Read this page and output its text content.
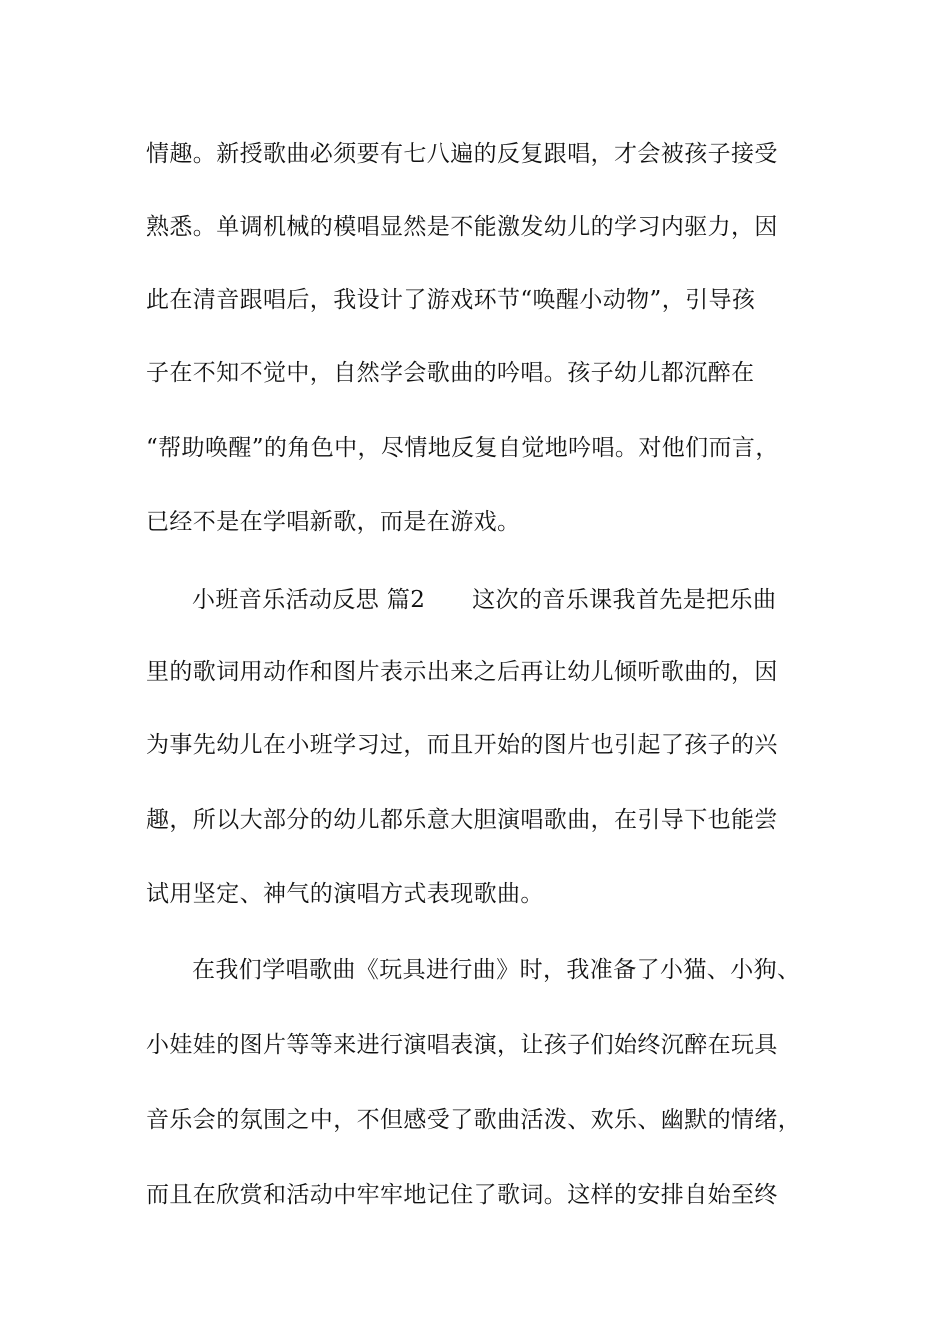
情趣。新授歌曲必须要有七八遍的反复跟唱，才会被孩子接受
熟悉。单调机械的模唱显然是不能激发幼儿的学习内驱力，因
此在清音跟唱后，我设计了游戏环节“唤醒小动物”，引导孩
子在不知不觉中，自然学会歌曲的吟唱。孩子幼儿都沉醉在
“帮助唤醒”的角色中，尽情地反复自觉地吟唱。对他们而言，
已经不是在学唱新歌，而是在游戏。
小班音乐活动反思 篇2　　这次的音乐课我首先是把乐曲
里的歌词用动作和图片表示出来之后再让幼儿倾听歌曲的，因
为事先幼儿在小班学习过，而且开始的图片也引起了孩子的兴
趣，所以大部分的幼儿都乐意大胆演唱歌曲，在引导下也能尝
试用坚定、神气的演唱方式表现歌曲。
在我们学唱歌曲《玩具进行曲》时，我准备了小猫、小狗、
小娃娃的图片等等来进行演唱表演，让孩子们始终沉醉在玩具
音乐会的氛围之中，不但感受了歌曲活泼、欢乐、幽默的情绪，
而且在欣赏和活动中牢牢地记住了歌词。这样的安排自始至终
